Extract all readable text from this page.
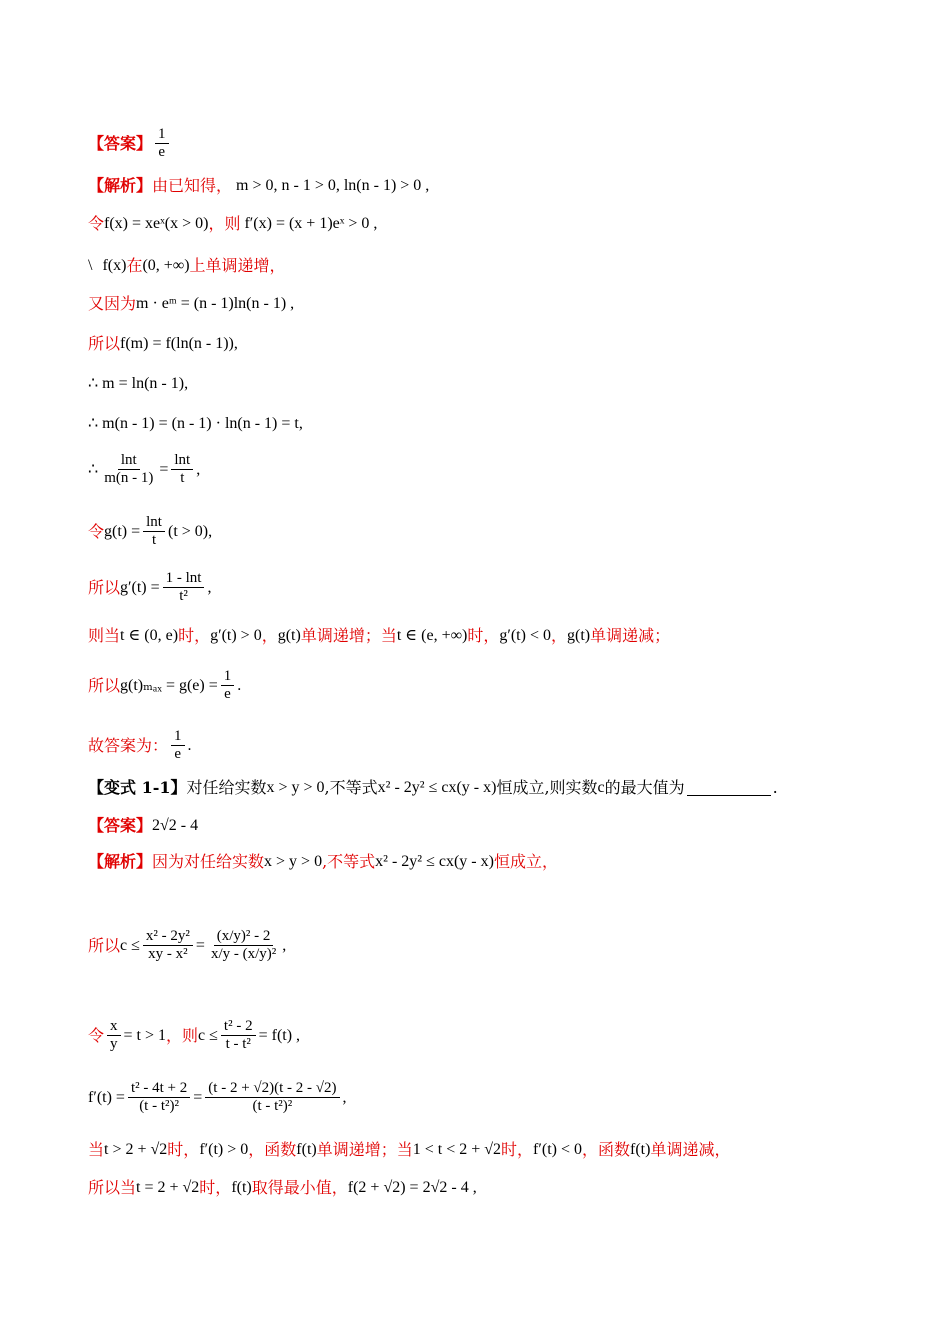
【答案】 $\frac{1}{e}$
【解析】 由已知得， m > 0, n - 1 > 0, ln(n - 1) > 0 ,
令 f(x) = xeˣ(x > 0) ，则 f′(x) = (x + 1)eˣ > 0 ,
\ f(x) 在 (0, +∞) 上单调递增，
又因为 m · eᵐ = (n - 1)ln(n - 1) ,
所以 f(m) = f(ln(n - 1)),
∴ m = ln(n - 1),
∴ m(n - 1) = (n - 1) · ln(n - 1) = t,
∴ $\frac{\ln t}{m(n - 1)} = \frac{\ln t}{t}$ ,
令 $g(t) = \frac{\ln t}{t} (t > 0)$,
所以 $g'(t) = \frac{1 - \ln t}{\text{t²}}$ ,
则当 t ∈ (0, e) 时， g′(t) > 0 ， g(t) 单调递增；当 t ∈ (e, +∞) 时， g′(t) < 0 ， g(t) 单调递减；
所以 $g(t)_{max} = g(e) = \frac{1}{e}$ .
故答案为： $\frac{1}{e}$ .
【变式 1-1】 对任给实数 x > y > 0 ,不等式 x² - 2y² ≤ cx(y - x) 恒成立,则实数 c 的最大值为	.
【答案】 2√2 - 4
【解析】 因为对任给实数 x > y > 0 ,不等式 x² - 2y² ≤ cx(y - x) 恒成立，
所以 $c \le \frac{\text{x² - 2y²}}{\text{xy - x²}} = \frac{\text{(x/y)² - 2}}{\text{x/y - (x/y)²}}$ ,
令 $\frac{x}{y} = t > 1$ ，则 $c \le \frac{\text{t² - 2}}{\text{t - t²}} = f(t)$ ,
$f'(t) = \frac{\text{t² - 4t + 2}}{\text{(t - t²)²}} = \frac{(t - 2 + √2)(t - 2 - √2)}{\text{(t - t²)²}}$ ,
当 t > 2 + √2 时， f′(t) > 0 ，函数 f(t) 单调递增；当 1 < t < 2 + √2 时， f′(t) < 0 ，函数 f(t) 单调递减，
所以当 t = 2 + √2 时， f(t) 取得最小值， f(2 + √2) = 2√2 - 4 ,
